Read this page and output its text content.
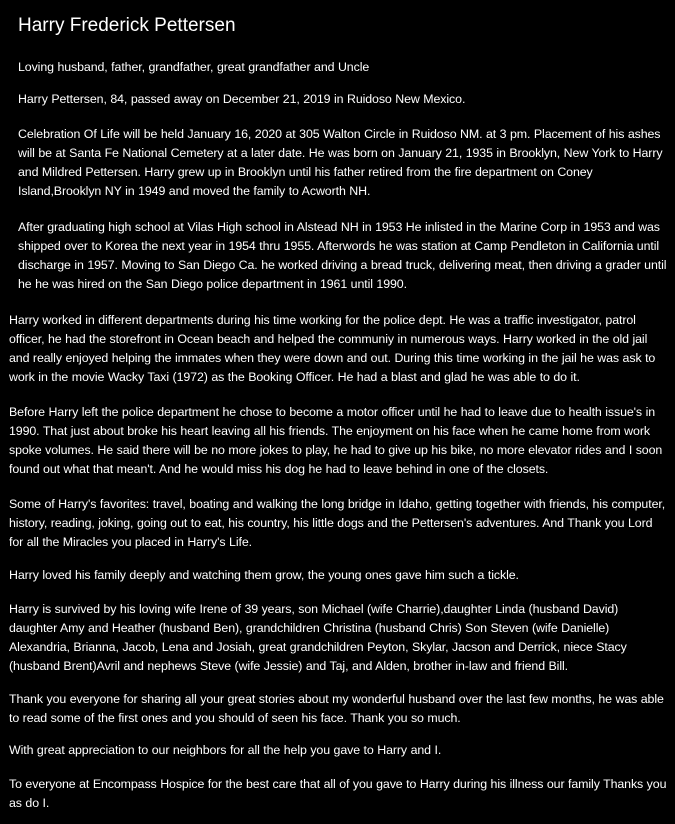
Harry Frederick Pettersen

Loving husband, father, grandfather, great grandfather and Uncle

Harry Pettersen, 84, passed away on December 21, 2019 in Ruidoso New Mexico.

Celebration Of Life will be held January 16, 2020 at 305 Walton Circle in Ruidoso NM. at 3 pm. Placement of his ashes will be at Santa Fe National Cemetery at a later date. He was born on January 21, 1935 in Brooklyn, New York to Harry and Mildred Pettersen. Harry grew up in Brooklyn until his father retired from the fire department on Coney Island,Brooklyn NY in 1949 and moved the family to Acworth NH.

After graduating high school at Vilas High school in Alstead NH in 1953 He inlisted in the Marine Corp in 1953 and was shipped over to Korea the next year in 1954 thru 1955. Afterwords he was station at Camp Pendleton in California until discharge in 1957. Moving to San Diego Ca. he worked driving a bread truck, delivering meat, then driving a grader until he he was hired on the San Diego police department in 1961 until 1990.

Harry worked in different departments during his time working for the police dept. He was a traffic investigator, patrol officer, he had the storefront in Ocean beach and helped the communiy in numerous ways. Harry worked in the old jail and really enjoyed helping the immates when they were down and out. During this time working in the jail he was ask to work in the movie Wacky Taxi (1972) as the Booking Officer. He had a blast and glad he was able to do it.

Before Harry left the police department he chose to become a motor officer until he had to leave due to health issue's in 1990. That just about broke his heart leaving all his friends. The enjoyment on his face when he came home from work spoke volumes. He said there will be no more jokes to play, he had to give up his bike, no more elevator rides and I soon found out what that mean't. And he would miss his dog he had to leave behind in one of the closets.

Some of Harry's favorites: travel, boating and walking the long bridge in Idaho, getting together with friends, his computer, history, reading, joking, going out to eat, his country, his little dogs and the Pettersen's adventures. And Thank you Lord for all the Miracles you placed in Harry's Life.

Harry loved his family deeply and watching them grow, the young ones gave him such a tickle.

Harry is survived by his loving wife Irene of 39 years, son Michael (wife Charrie),daughter Linda (husband David) daughter Amy and Heather (husband Ben), grandchildren Christina (husband Chris) Son Steven (wife Danielle) Alexandria, Brianna, Jacob, Lena and Josiah, great grandchildren Peyton, Skylar, Jacson and Derrick, niece Stacy (husband Brent)Avril and nephews Steve (wife Jessie) and Taj, and Alden, brother in-law and friend Bill.

Thank you everyone for sharing all your great stories about my wonderful husband over the last few months, he was able to read some of the first ones and you should of seen his face. Thank you so much.

With great appreciation to our neighbors for all the help you gave to Harry and I.

To everyone at Encompass Hospice for the best care that all of you gave to Harry during his illness our family Thanks you as do I.
